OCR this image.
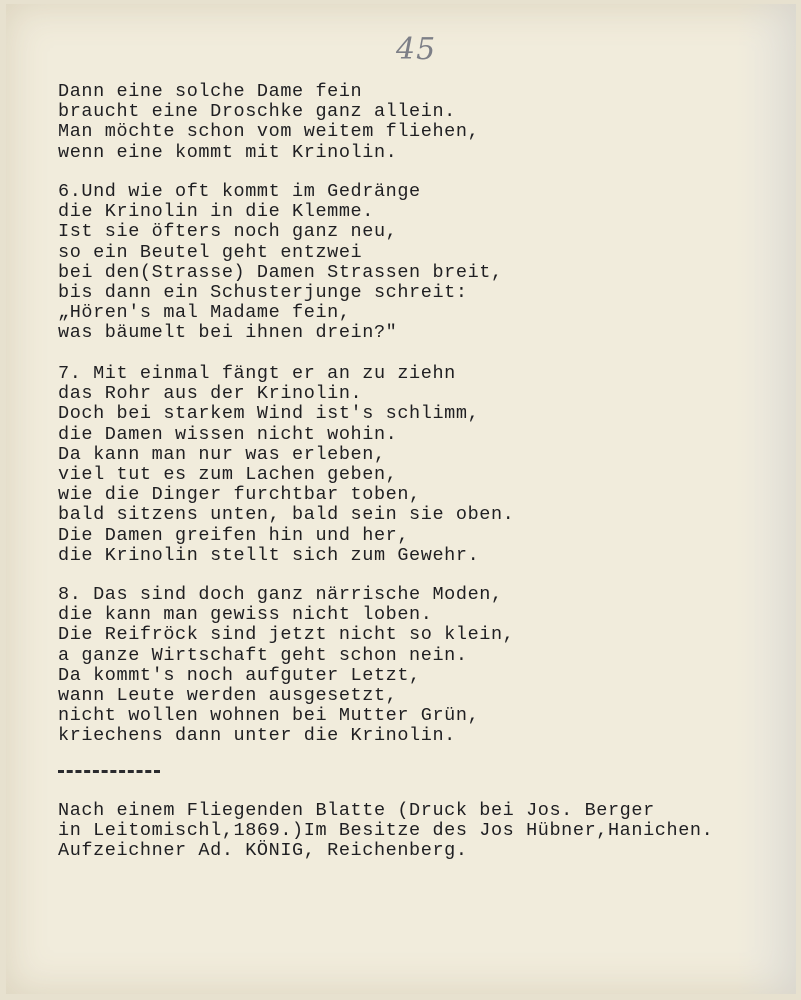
45
Dann eine solche Dame fein
braucht eine Droschke ganz allein.
Man möchte schon vom weitem fliehen,
wenn eine kommt mit Krinolin.
6.Und wie oft kommt im Gedränge
die Krinolin in die Klemme.
Ist sie öfters noch ganz neu,
so ein Beutel geht entzwei
bei den(Strasse) Damen Strassen breit,
bis dann ein Schusterjunge schreit:
„Hören's mal Madame fein,
was bäumelt bei ihnen drein?"
7. Mit einmal fängt er an zu ziehn
das Rohr aus der Krinolin.
Doch bei starkem Wind ist's schlimm,
die Damen wissen nicht wohin.
Da kann man nur was erleben,
viel tut es zum Lachen geben,
wie die Dinger furchtbar toben,
bald sitzens unten, bald sein sie oben.
Die Damen greifen hin und her,
die Krinolin stellt sich zum Gewehr.
8. Das sind doch ganz närrische Moden,
die kann man gewiss nicht loben.
Die Reifröck sind jetzt nicht so klein,
a ganze Wirtschaft geht schon nein.
Da kommt's noch aufguter Letzt,
wann Leute werden ausgesetzt,
nicht wollen wohnen bei Mutter Grün,
kriechens dann unter die Krinolin.
Nach einem Fliegenden Blatte (Druck bei Jos. Berger
in Leitomischl,1869.)Im Besitze des Jos Hübner,Hanichen.
Aufzeichner Ad. KÖNIG, Reichenberg.
